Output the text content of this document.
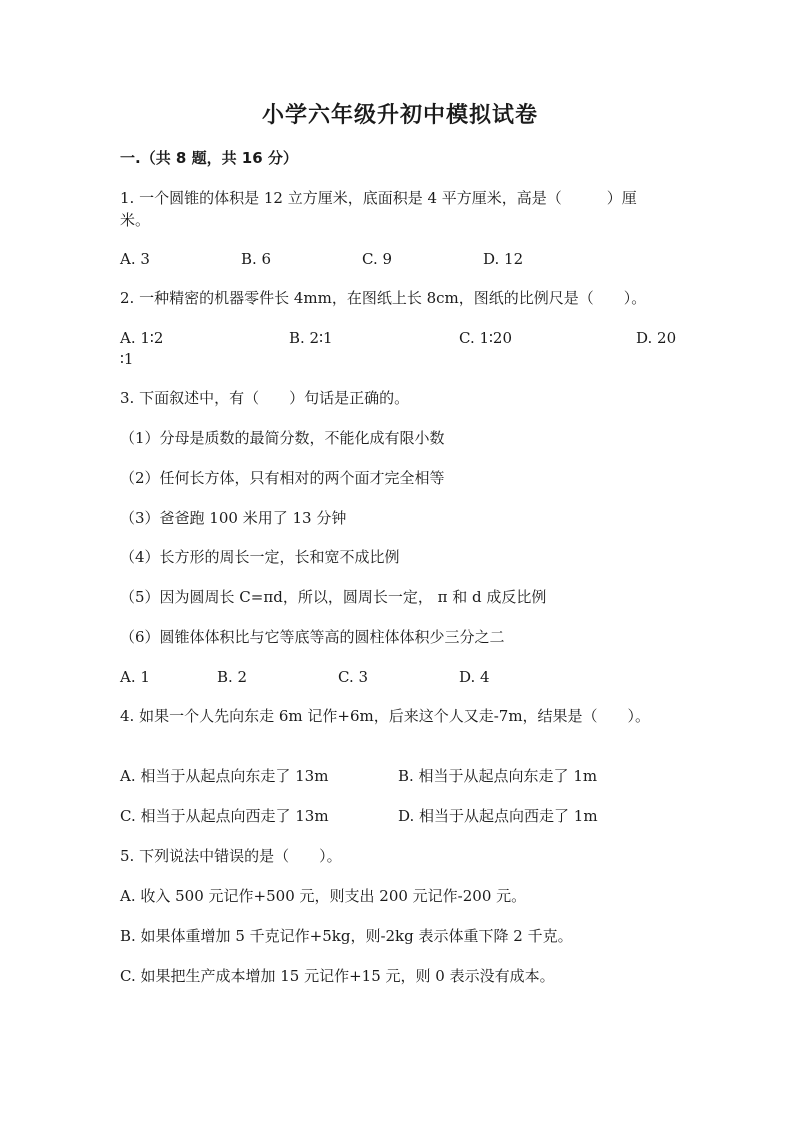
小学六年级升初中模拟试卷
一.（共 8 题，共 16 分）
1. 一个圆锥的体积是 12 立方厘米，底面积是 4 平方厘米，高是（　　　）厘
米。
A. 3	B. 6	C. 9	D. 12
2. 一种精密的机器零件长 4mm，在图纸上长 8cm，图纸的比例尺是（　　）。
A. 1∶2	B. 2∶1	C. 1∶20	D. 20
∶1
3. 下面叙述中，有（　　）句话是正确的。
（1）分母是质数的最简分数，不能化成有限小数
（2）任何长方体，只有相对的两个面才完全相等
（3）爸爸跑 100 米用了 13 分钟
（4）长方形的周长一定，长和宽不成比例
（5）因为圆周长 C=πd，所以，圆周长一定， π 和 d 成反比例
（6）圆锥体体积比与它等底等高的圆柱体体积少三分之二
A. 1	B. 2	C. 3	D. 4
4. 如果一个人先向东走 6m 记作+6m，后来这个人又走-7m，结果是（　　）。
A. 相当于从起点向东走了 13m	B. 相当于从起点向东走了 1m
C. 相当于从起点向西走了 13m	D. 相当于从起点向西走了 1m
5. 下列说法中错误的是（　　）。
A. 收入 500 元记作+500 元，则支出 200 元记作-200 元。
B. 如果体重增加 5 千克记作+5kg，则-2kg 表示体重下降 2 千克。
C. 如果把生产成本增加 15 元记作+15 元，则 0 表示没有成本。
